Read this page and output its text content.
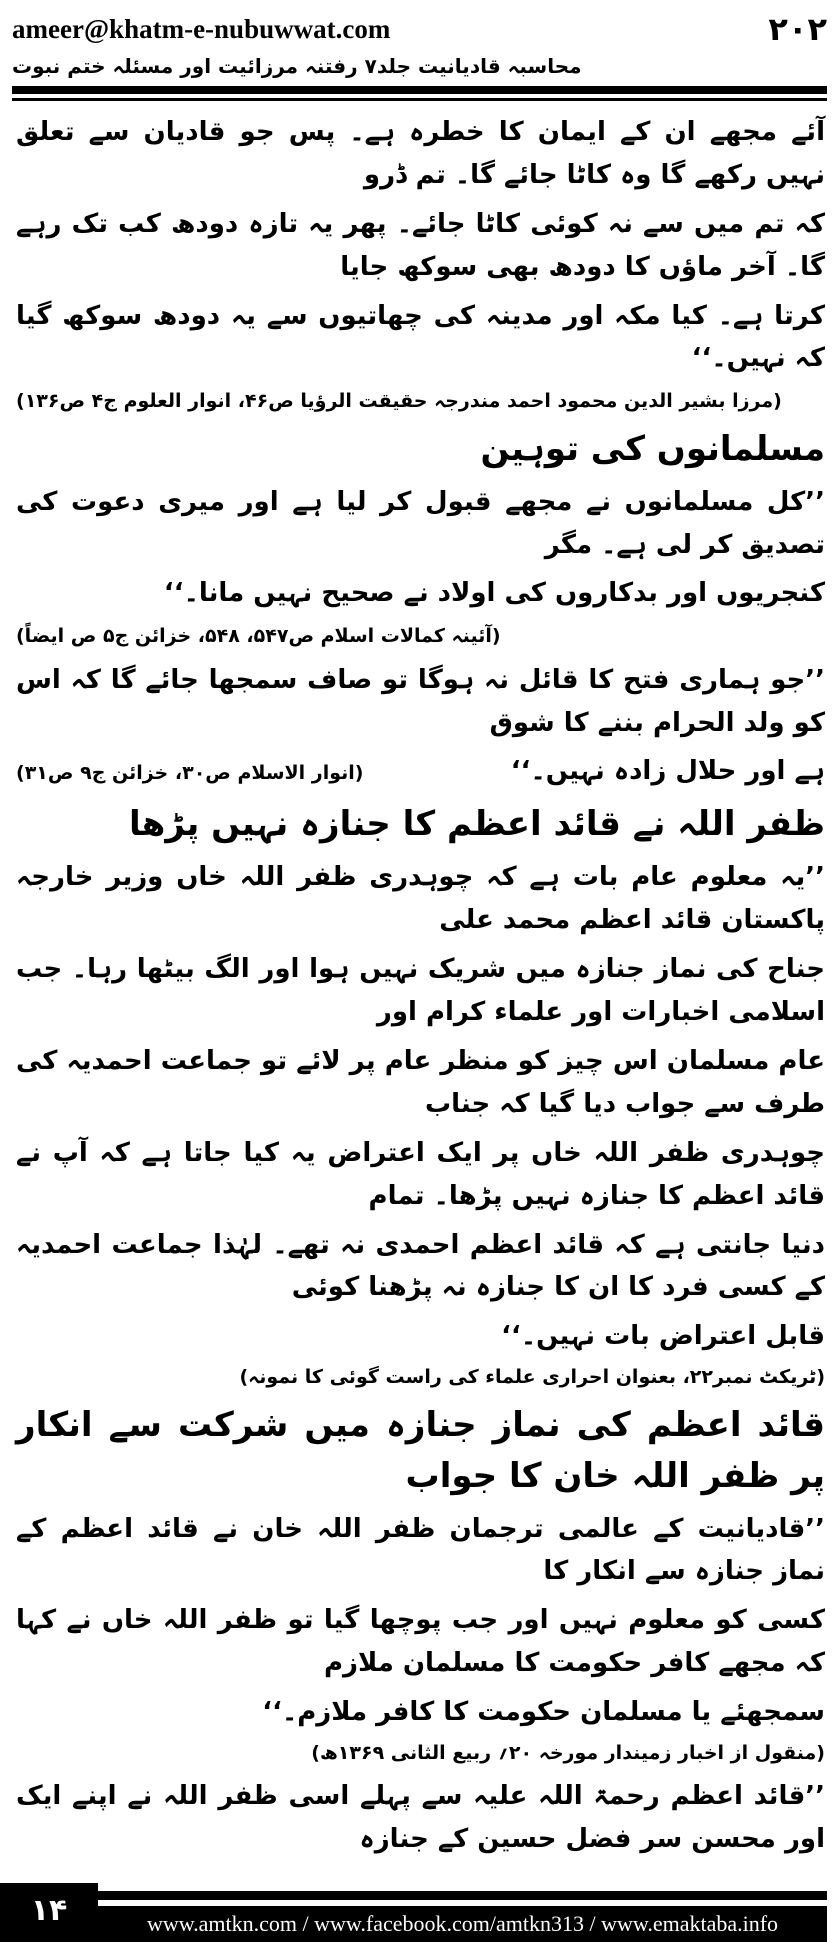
ameer@khatm-e-nubuwwat.com	۲۰۲
محاسبہ قادیانیت جلد۷ رفتنہ مرزائیت اور مسئلہ ختم نبوت
آئے مجھے ان کے ایمان کا خطرہ ہے۔ پس جو قادیان سے تعلق نہیں رکھے گا وہ کاٹا جائے گا۔ تم ڈرو
کہ تم میں سے نہ کوئی کاٹا جائے۔ پھر یہ تازہ دودھ کب تک رہے گا۔ آخر ماؤں کا دودھ بھی سوکھ جایا
کرتا ہے۔ کیا مکہ اور مدینہ کی چھاتیوں سے یہ دودھ سوکھ گیا کہ نہیں۔‘‘
(مرزا بشیر الدین محمود احمد مندرجہ حقیقت الرؤیا ص۴۶، انوار العلوم ج۴ ص۱۳۶)
مسلمانوں کی توہین
’’کل مسلمانوں نے مجھے قبول کر لیا ہے اور میری دعوت کی تصدیق کر لی ہے۔ مگر
کنجریوں اور بدکاروں کی اولاد نے صحیح نہیں مانا۔‘‘
(آئینہ کمالات اسلام ص۵۴۷، ۵۴۸، خزائن ج۵ ص ایضاً)
’’جو ہماری فتح کا قائل نہ ہوگا تو صاف سمجھا جائے گا کہ اس کو ولد الحرام بننے کا شوق
ہے اور حلال زادہ نہیں۔‘‘
(انوار الاسلام ص۳۰، خزائن ج۹ ص۳۱)
ظفر اللہ نے قائد اعظم کا جنازہ نہیں پڑھا
’’یہ معلوم عام بات ہے کہ چوہدری ظفر اللہ خاں وزیر خارجہ پاکستان قائد اعظم محمد علی
جناح کی نماز جنازہ میں شریک نہیں ہوا اور الگ بیٹھا رہا۔ جب اسلامی اخبارات اور علماء کرام اور
عام مسلمان اس چیز کو منظر عام پر لائے تو جماعت احمدیہ کی طرف سے جواب دیا گیا کہ جناب
چوہدری ظفر اللہ خاں پر ایک اعتراض یہ کیا جاتا ہے کہ آپ نے قائد اعظم کا جنازہ نہیں پڑھا۔ تمام
دنیا جانتی ہے کہ قائد اعظم احمدی نہ تھے۔ لہٰذا جماعت احمدیہ کے کسی فرد کا ان کا جنازہ نہ پڑھنا کوئی
قابل اعتراض بات نہیں۔‘‘
(ٹریکٹ نمبر۲۲، بعنوان احراری علماء کی راست گوئی کا نمونہ)
قائد اعظم کی نماز جنازہ میں شرکت سے انکار پر ظفر اللہ خان کا جواب
’’قادیانیت کے عالمی ترجمان ظفر اللہ خان نے قائد اعظم کے نماز جنازہ سے انکار کا
کسی کو معلوم نہیں اور جب پوچھا گیا تو ظفر اللہ خاں نے کہا کہ مجھے کافر حکومت کا مسلمان ملازم
سمجھئے یا مسلمان حکومت کا کافر ملازم۔‘‘
(منقول از اخبار زمیندار مورخہ ۲۰؍ ربیع الثانی ۱۳۶۹ھ)
’’قائد اعظم رحمۃ اللہ علیہ سے پہلے اسی ظفر اللہ نے اپنے ایک اور محسن سر فضل حسین کے جنازہ
۱۴	www.amtkn.com / www.facebook.com/amtkn313 / www.emaktaba.info
